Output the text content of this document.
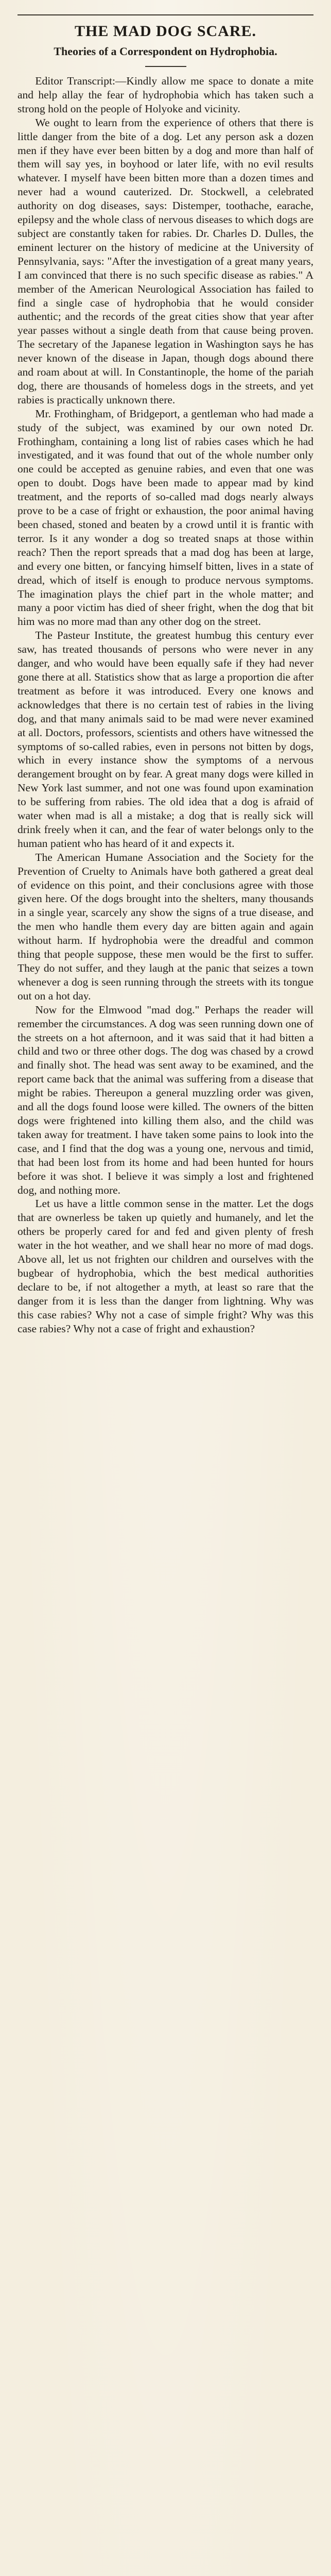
THE MAD DOG SCARE.
Theories of a Correspondent on Hydrophobia.

Editor Transcript:—Kindly allow me space to donate a mite and help allay the fear of hydrophobia which has taken such a strong hold on the people of Holyoke and vicinity.

We ought to learn from the experience of others that there is little danger from the bite of a dog. Let any person ask a dozen men if they have ever been bitten by a dog and more than half of them will say yes, in boyhood or later life, with no evil results whatever. I myself have been bitten more than a dozen times and never had a wound cauterized. Dr. Stockwell, a celebrated authority on dog diseases, says: Distemper, toothache, earache, epilepsy and the whole class of nervous diseases to which dogs are subject are constantly taken for rabies. Dr. Charles D. Dulles, the eminent lecturer on the history of medicine at the University of Pennsylvania, says: "After the investigation of a great many years, I am convinced that there is no such specific disease as rabies." A member of the American Neurological Association has failed to find a single case of hydrophobia that he would consider authentic; and the records of the great cities show that year after year passes without a single death from that cause being proven. The secretary of the Japanese legation in Washington says he has never known of the disease in Japan, though dogs abound there and roam about at will. In Constantinople, the home of the pariah dog, there are thousands of homeless dogs in the streets, and yet rabies is practically unknown there.

Mr. Frothingham, of Bridgeport, a gentleman who had made a study of the subject, was examined by our own noted Dr. Frothingham, containing a long list of rabies cases which he had investigated, and it was found that out of the whole number only one could be accepted as genuine rabies, and even that one was open to doubt. Dogs have been made to appear mad by kind treatment, and the reports of so-called mad dogs nearly always prove to be a case of fright or exhaustion, the poor animal having been chased, stoned and beaten by a crowd until it is frantic with terror. Is it any wonder a dog so treated snaps at those within reach? Then the report spreads that a mad dog has been at large, and every one bitten, or fancying himself bitten, lives in a state of dread, which of itself is enough to produce nervous symptoms. The imagination plays the chief part in the whole matter; and many a poor victim has died of sheer fright, when the dog that bit him was no more mad than any other dog on the street.

The Pasteur Institute, the greatest humbug this century ever saw, has treated thousands of persons who were never in any danger, and who would have been equally safe if they had never gone there at all. Statistics show that as large a proportion die after treatment as before it was introduced. Every one knows and acknowledges that there is no certain test of rabies in the living dog, and that many animals said to be mad were never examined at all. Doctors, professors, scientists and others have witnessed the symptoms of so-called rabies, even in persons not bitten by dogs, which in every instance show the symptoms of a nervous derangement brought on by fear. A great many dogs were killed in New York last summer, and not one was found upon examination to be suffering from rabies. The old idea that a dog is afraid of water when mad is all a mistake; a dog that is really sick will drink freely when it can, and the fear of water belongs only to the human patient who has heard of it and expects it.

The American Humane Association and the Society for the Prevention of Cruelty to Animals have both gathered a great deal of evidence on this point, and their conclusions agree with those given here. Of the dogs brought into the shelters, many thousands in a single year, scarcely any show the signs of a true disease, and the men who handle them every day are bitten again and again without harm. If hydrophobia were the dreadful and common thing that people suppose, these men would be the first to suffer. They do not suffer, and they laugh at the panic that seizes a town whenever a dog is seen running through the streets with its tongue out on a hot day.

Now for the Elmwood "mad dog." Perhaps the reader will remember the circumstances. A dog was seen running down one of the streets on a hot afternoon, and it was said that it had bitten a child and two or three other dogs. The dog was chased by a crowd and finally shot. The head was sent away to be examined, and the report came back that the animal was suffering from a disease that might be rabies. Thereupon a general muzzling order was given, and all the dogs found loose were killed. The owners of the bitten dogs were frightened into killing them also, and the child was taken away for treatment. I have taken some pains to look into the case, and I find that the dog was a young one, nervous and timid, that had been lost from its home and had been hunted for hours before it was shot. I believe it was simply a lost and frightened dog, and nothing more.

Let us have a little common sense in the matter. Let the dogs that are ownerless be taken up quietly and humanely, and let the others be properly cared for and fed and given plenty of fresh water in the hot weather, and we shall hear no more of mad dogs. Above all, let us not frighten our children and ourselves with the bugbear of hydrophobia, which the best medical authorities declare to be, if not altogether a myth, at least so rare that the danger from it is less than the danger from lightning. Why was this case rabies? Why not a case of simple fright? Why was this case rabies? Why not a case of fright and exhaustion?
